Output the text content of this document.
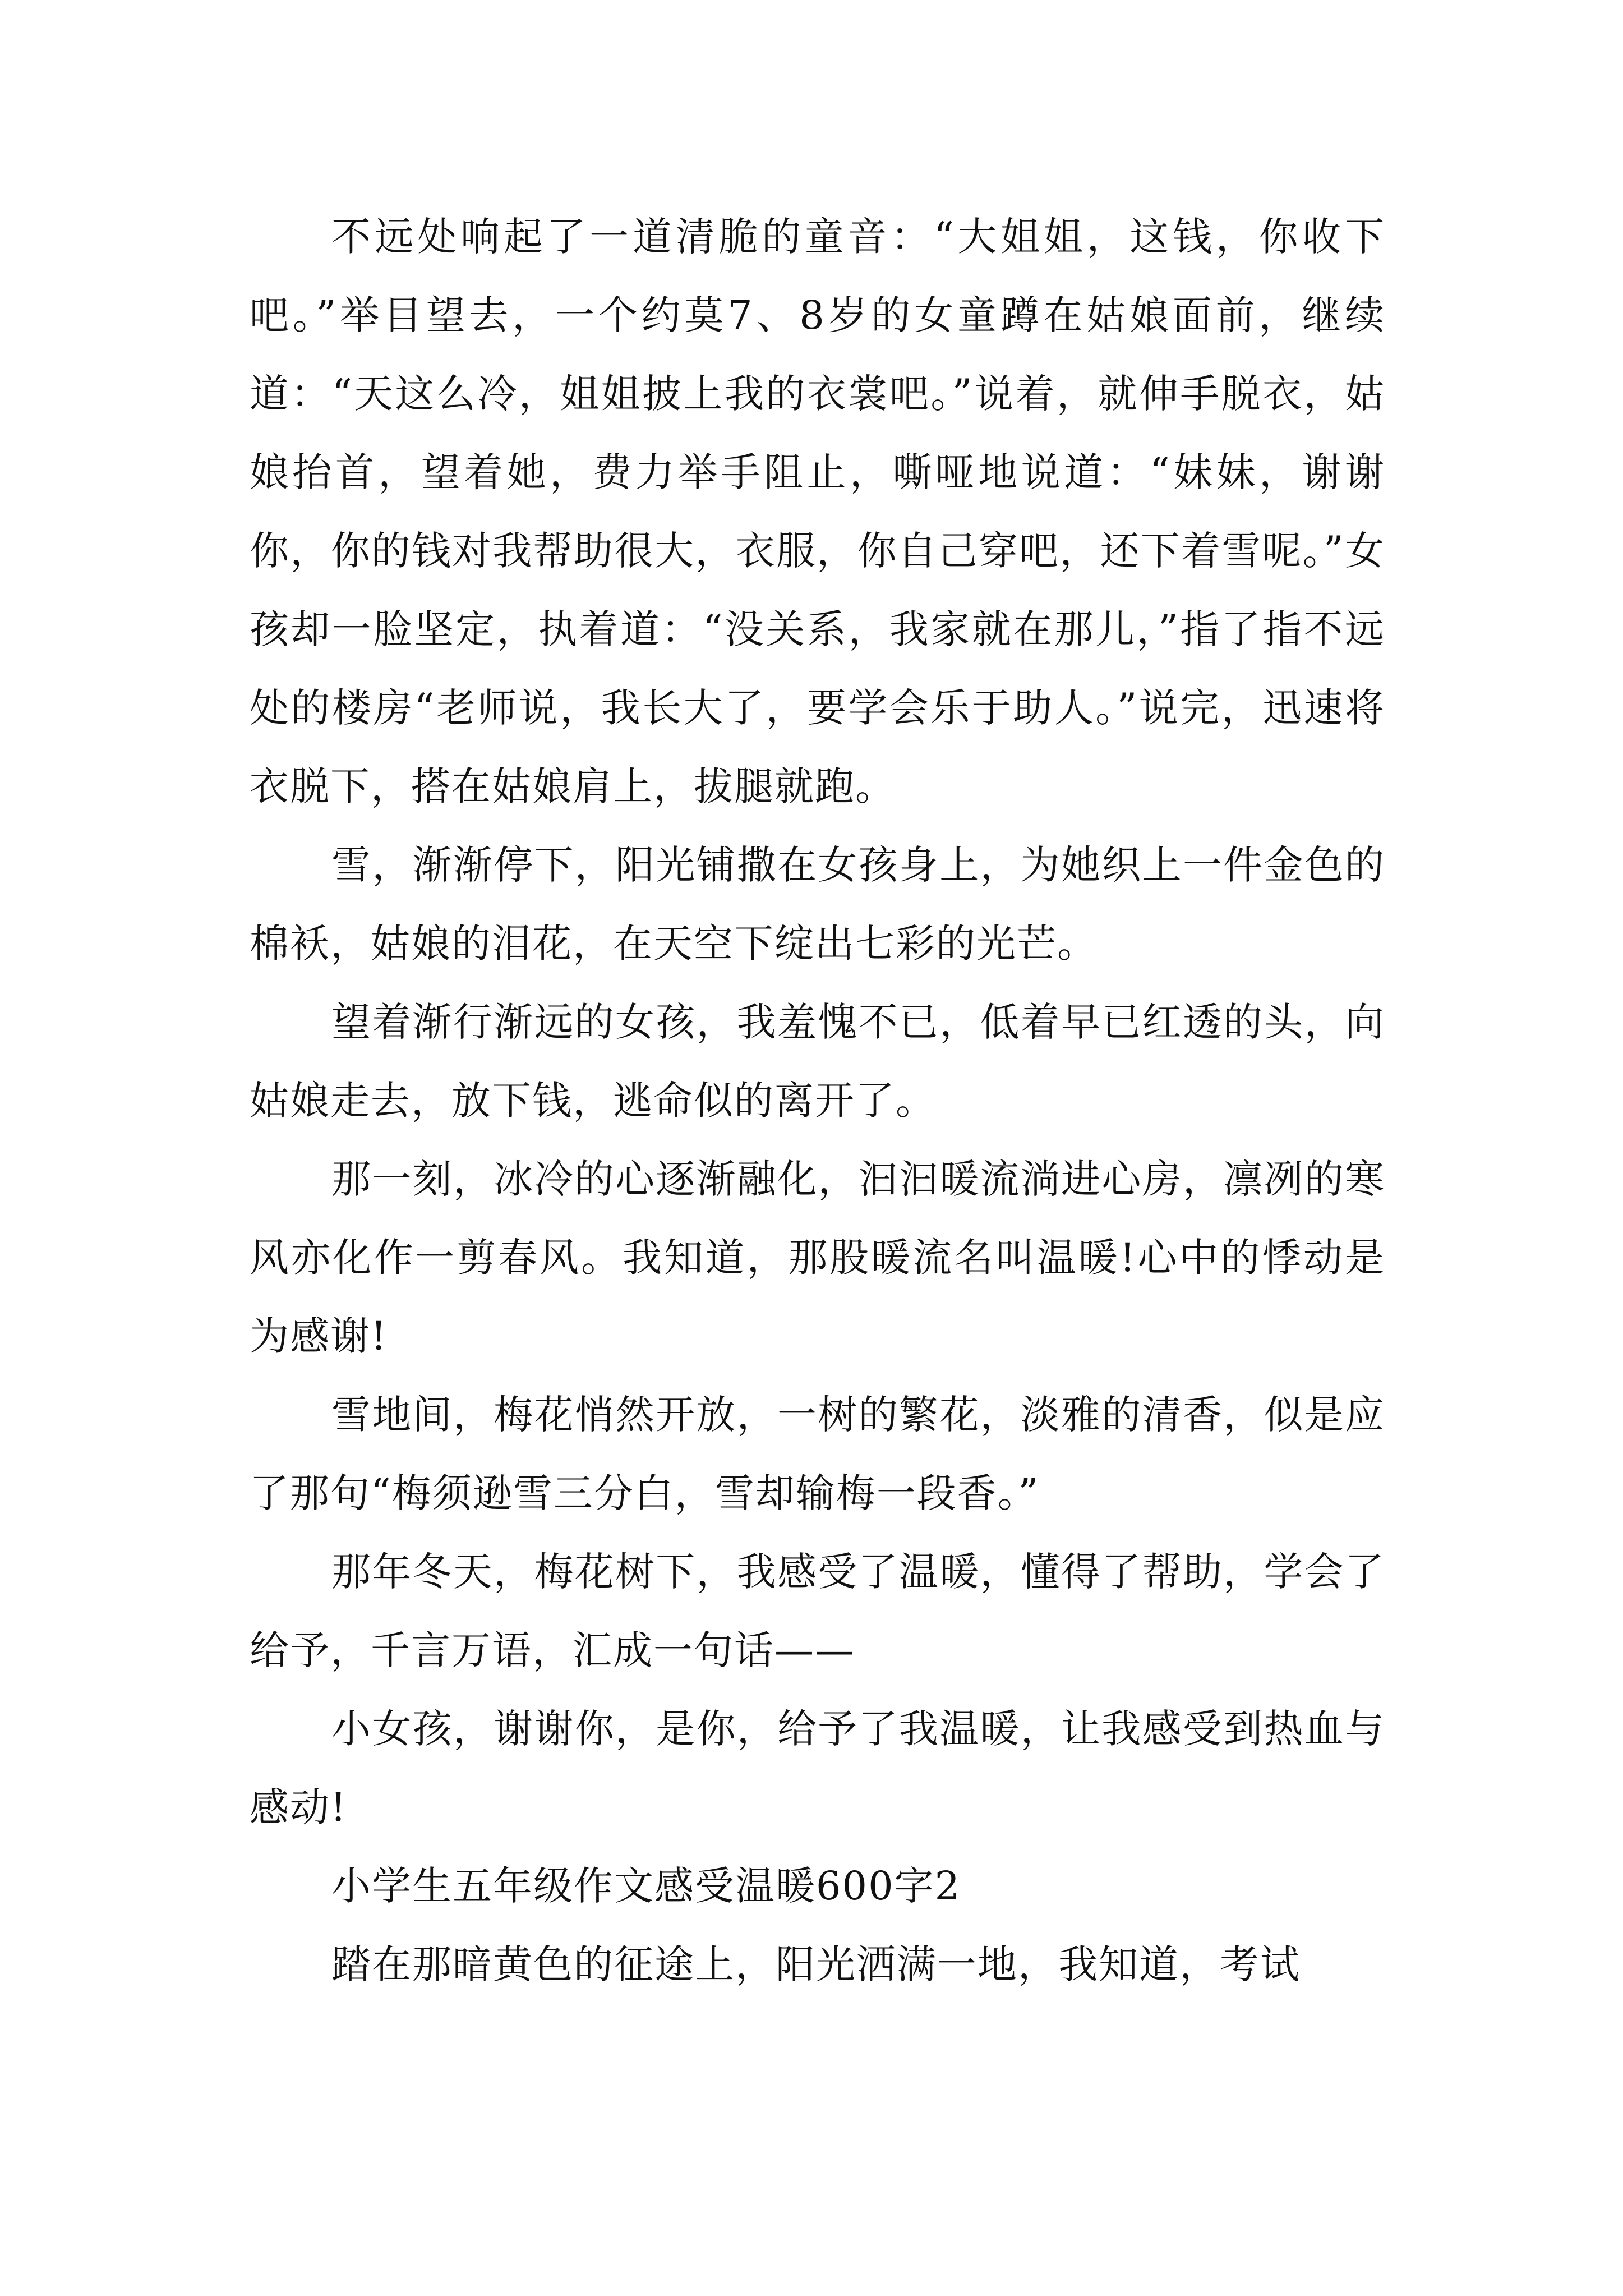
不远处响起了一道清脆的童音：“大姐姐，这钱，你收下吧。”举目望去，一个约莫7、8岁的女童蹲在姑娘面前，继续道：“天这么冷，姐姐披上我的衣裳吧。”说着，就伸手脱衣，姑娘抬首，望着她，费力举手阻止，嘶哑地说道：“妹妹，谢谢你，你的钱对我帮助很大，衣服，你自己穿吧，还下着雪呢。”女孩却一脸坚定，执着道：“没关系，我家就在那儿，”指了指不远处的楼房“老师说，我长大了，要学会乐于助人。”说完，迅速将衣脱下，搭在姑娘肩上，拔腿就跑。

雪，渐渐停下，阳光铺撒在女孩身上，为她织上一件金色的棉袄，姑娘的泪花，在天空下绽出七彩的光芒。

望着渐行渐远的女孩，我羞愧不已，低着早已红透的头，向姑娘走去，放下钱，逃命似的离开了。

那一刻，冰冷的心逐渐融化，汩汩暖流淌进心房，凛冽的寒风亦化作一剪春风。我知道，那股暖流名叫温暖!心中的悸动是为感谢!

雪地间，梅花悄然开放，一树的繁花，淡雅的清香，似是应了那句“梅须逊雪三分白，雪却输梅一段香。”

那年冬天，梅花树下，我感受了温暖，懂得了帮助，学会了给予，千言万语，汇成一句话——

小女孩，谢谢你，是你，给予了我温暖，让我感受到热血与感动!

小学生五年级作文感受温暖600字2

踏在那暗黄色的征途上，阳光洒满一地，我知道，考试
